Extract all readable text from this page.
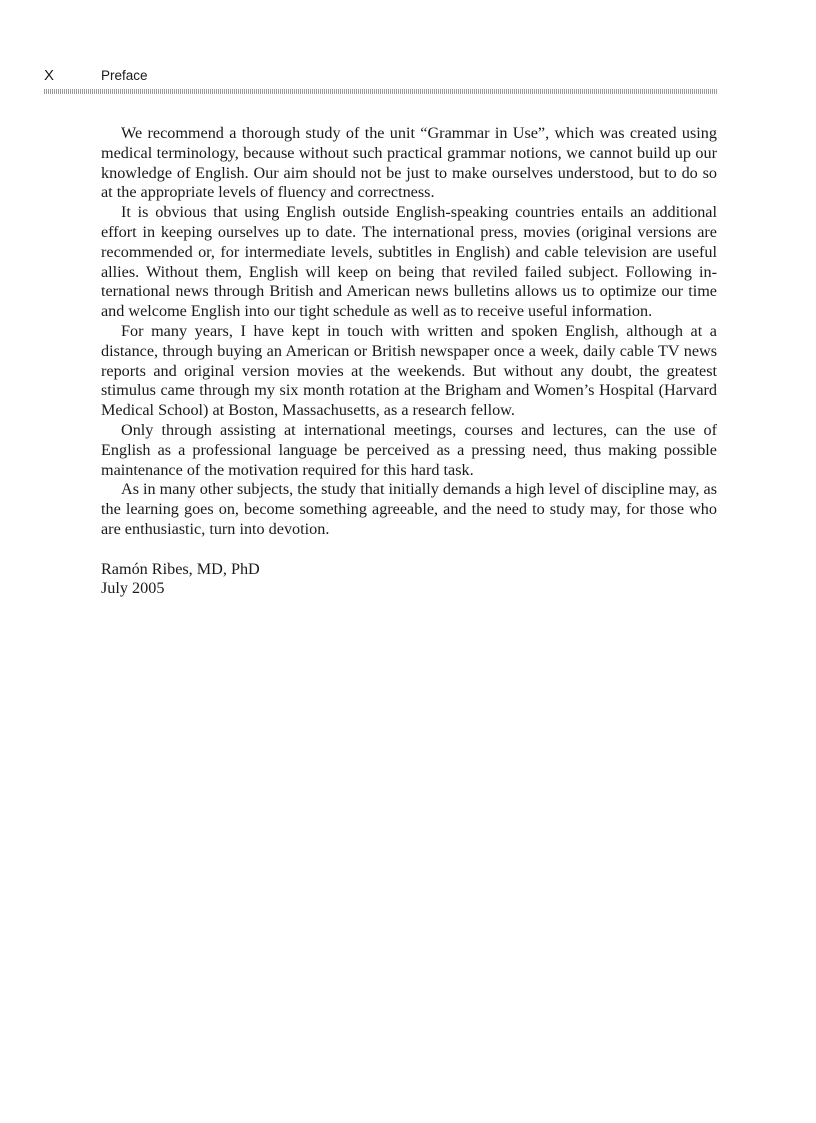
X	Preface

We recommend a thorough study of the unit “Grammar in Use”, which was created using medical terminology, because without such practical grammar notions, we cannot build up our knowledge of English. Our aim should not be just to make ourselves understood, but to do so at the appropriate levels of fluency and correctness.

It is obvious that using English outside English-speaking countries entails an additional effort in keeping ourselves up to date. The international press, movies (original versions are recommended or, for intermediate levels, subtitles in English) and cable television are useful allies. Without them, English will keep on being that reviled failed subject. Following international news through British and American news bulletins allows us to optimize our time and welcome English into our tight schedule as well as to receive useful information.

For many years, I have kept in touch with written and spoken English, although at a distance, through buying an American or British newspaper once a week, daily cable TV news reports and original version movies at the weekends. But without any doubt, the greatest stimulus came through my six month rotation at the Brigham and Women’s Hospital (Harvard Medical School) at Boston, Massachusetts, as a research fellow.

Only through assisting at international meetings, courses and lectures, can the use of English as a professional language be perceived as a pressing need, thus making possible maintenance of the motivation required for this hard task.

As in many other subjects, the study that initially demands a high level of discipline may, as the learning goes on, become something agreeable, and the need to study may, for those who are enthusiastic, turn into devotion.

Ramón Ribes, MD, PhD
July 2005
